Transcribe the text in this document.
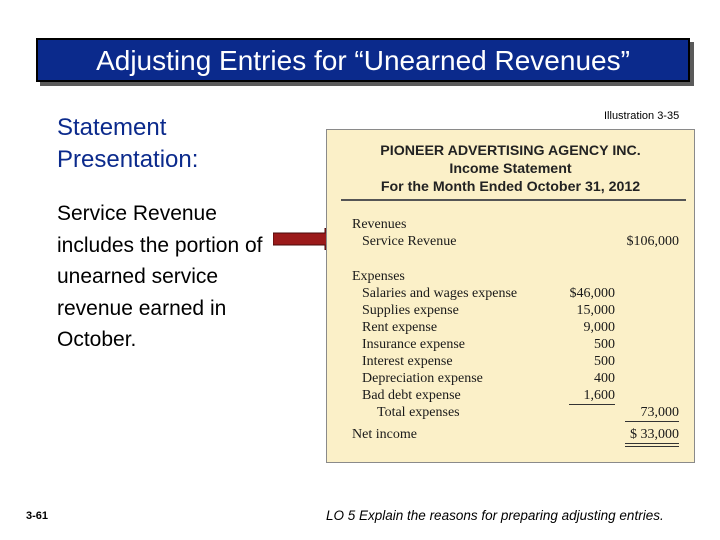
Adjusting Entries for “Unearned Revenues”
Statement
Presentation:
Service Revenue
includes the portion of
unearned service
revenue earned in
October.
Illustration 3-35
PIONEER ADVERTISING AGENCY INC.
Income Statement
For the Month Ended October 31, 2012
Revenues
Service Revenue	$106,000
Expenses
Salaries and wages expense	$46,000
Supplies expense	15,000
Rent expense	9,000
Insurance expense	500
Interest expense	500
Depreciation expense	400
Bad debt expense	1,600
Total expenses	73,000
Net income	$ 33,000
3-61	LO 5 Explain the reasons for preparing adjusting entries.
